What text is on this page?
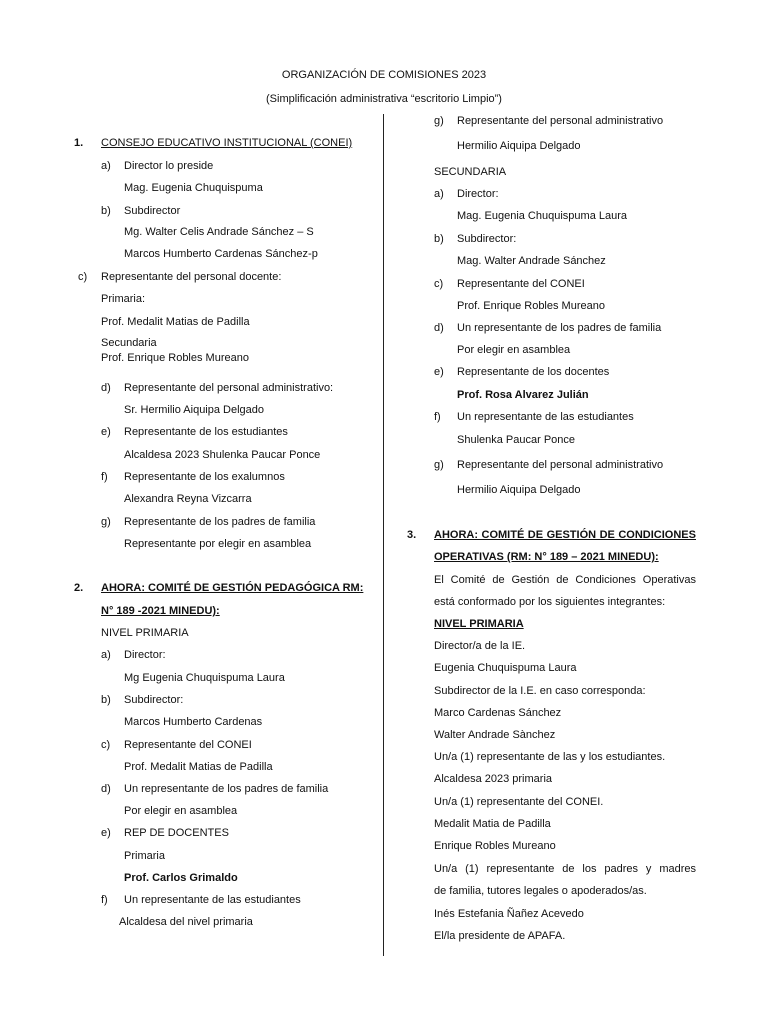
ORGANIZACIÓN DE COMISIONES 2023
(Simplificación administrativa “escritorio Limpio”)
1. CONSEJO EDUCATIVO INSTITUCIONAL (CONEI)
a) Director lo preside
Mag. Eugenia Chuquispuma
b) Subdirector
Mg. Walter Celis Andrade Sánchez – S
Marcos Humberto Cardenas Sánchez-p
c) Representante del personal docente:
Primaria:
Prof. Medalit Matias de Padilla
Secundaria
Prof. Enrique Robles Mureano
d) Representante del personal administrativo:
Sr. Hermilio Aiquipa Delgado
e) Representante de los estudiantes
Alcaldesa 2023 Shulenka Paucar Ponce
f) Representante de los exalumnos
Alexandra Reyna Vizcarra
g) Representante de los padres de familia
Representante por elegir en asamblea
2. AHORA: COMITÉ DE GESTIÓN PEDAGÓGICA RM:
N° 189 -2021 MINEDU):
NIVEL PRIMARIA
a) Director:
Mg Eugenia Chuquispuma Laura
b) Subdirector:
Marcos Humberto Cardenas
c) Representante del CONEI
Prof. Medalit Matias de Padilla
d) Un representante de los padres de familia
Por elegir en asamblea
e) REP DE DOCENTES
Primaria
Prof. Carlos Grimaldo
f) Un representante de las estudiantes
Alcaldesa del nivel primaria
g) Representante del personal administrativo
Hermilio Aiquipa Delgado
SECUNDARIA
a) Director:
Mag. Eugenia Chuquispuma Laura
b) Subdirector:
Mag. Walter Andrade Sánchez
c) Representante del CONEI
Prof. Enrique Robles Mureano
d) Un representante de los padres de familia
Por elegir en asamblea
e) Representante de los docentes
Prof. Rosa Alvarez Julián
f) Un representante de las estudiantes
Shulenka Paucar Ponce
g) Representante del personal administrativo
Hermilio Aiquipa Delgado
3. AHORA: COMITÉ DE GESTIÓN DE CONDICIONES
OPERATIVAS (RM: N° 189 – 2021 MINEDU):
El Comité de Gestión de Condiciones Operativas
está conformado por los siguientes integrantes:
NIVEL PRIMARIA
Director/a de la IE.
Eugenia Chuquispuma Laura
Subdirector de la I.E. en caso corresponda:
Marco Cardenas Sánchez
Walter Andrade Sànchez
Un/a (1) representante de las y los estudiantes.
Alcaldesa 2023 primaria
Un/a (1) representante del CONEI.
Medalit Matia de Padilla
Enrique Robles Mureano
Un/a (1) representante de los padres y madres
de familia, tutores legales o apoderados/as.
Inés Estefania Ñañez Acevedo
El/la presidente de APAFA.
